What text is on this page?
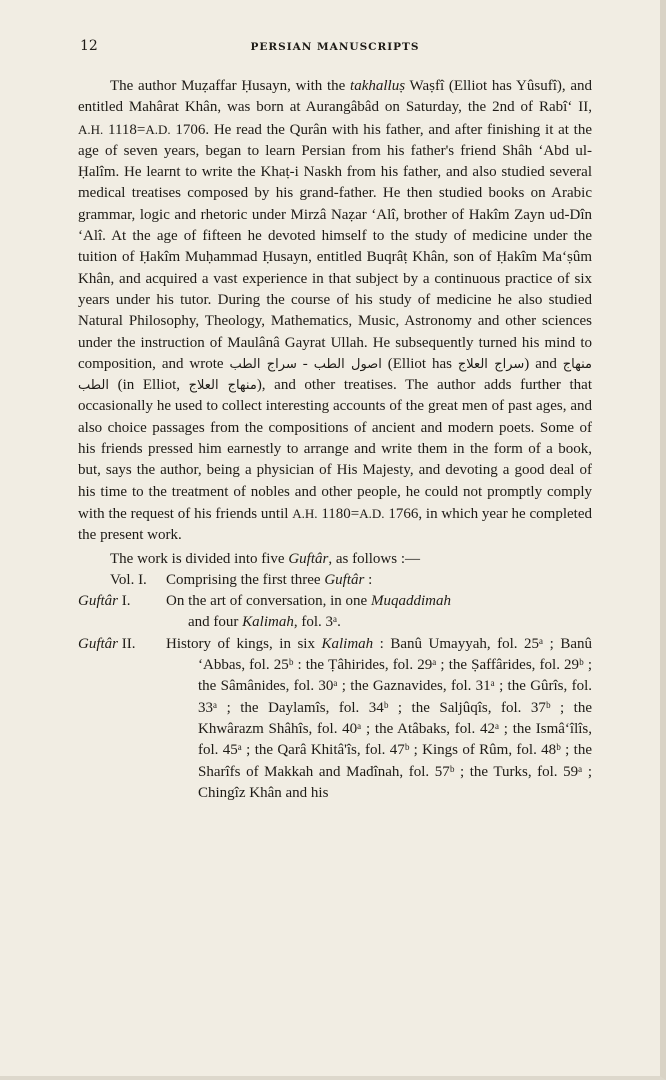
12	PERSIAN MANUSCRIPTS

The author Muẓaffar Ḥusayn, with the takhalluṣ Waṣfî (Elliot has Yûsufî), and entitled Mahârat Khân, was born at Aurangâbâd on Saturday, the 2nd of Rabî‘ II, A.H. 1118=A.D. 1706. He read the Qurân with his father, and after finishing it at the age of seven years, began to learn Persian from his father's friend Shâh ‘Abd ul-Ḥalîm. He learnt to write the Khaṭ-i Naskh from his father, and also studied several medical treatises composed by his grand-father. He then studied books on Arabic grammar, logic and rhetoric under Mirzâ Naẓar ‘Alî, brother of Hakîm Zayn ud-Dîn ‘Alî. At the age of fifteen he devoted himself to the study of medicine under the tuition of Ḥakîm Muḥammad Ḥusayn, entitled Buqrâṭ Khân, son of Ḥakîm Ma‘ṣûm Khân, and acquired a vast experience in that subject by a continuous practice of six years under his tutor. During the course of his study of medicine he also studied Natural Philosophy, Theology, Mathematics, Music, Astronomy and other sciences under the instruction of Maulânâ Gayrat Ullah. He subsequently turned his mind to composition, and wrote سراج الطب - اصول الطب (Elliot has سراج العلاج) and منهاج الطب (in Elliot, منهاج العلاج), and other treatises. The author adds further that occasionally he used to collect interesting accounts of the great men of past ages, and also choice passages from the compositions of ancient and modern poets. Some of his friends pressed him earnestly to arrange and write them in the form of a book, but, says the author, being a physician of His Majesty, and devoting a good deal of his time to the treatment of nobles and other people, he could not promptly comply with the request of his friends until A.H. 1180=A.D. 1766, in which year he completed the present work.

The work is divided into five Guftâr, as follows :—

Vol. I.	Comprising the first three Guftâr :
Guftâr I.	On the art of conversation, in one Muqaddimah
and four Kalimah, fol. 3ᵃ.
Guftâr II.	History of kings, in six Kalimah : Banû Umayyah, fol. 25ᵃ ; Banû ‘Abbas, fol. 25ᵇ : the Ṭâhirides, fol. 29ᵃ ; the Ṣaffârides, fol. 29ᵇ ; the Sâmânides, fol. 30ᵃ ; the Gaznavides, fol. 31ᵃ ; the Gûrîs, fol. 33ᵃ ; the Daylamîs, fol. 34ᵇ ; the Saljûqîs, fol. 37ᵇ ; the Khwârazm Shâhîs, fol. 40ᵃ ; the Atâbaks, fol. 42ᵃ ; the Ismâ‘îlîs, fol. 45ᵃ ; the Qarâ Khitâ'îs, fol. 47ᵇ ; Kings of Rûm, fol. 48ᵇ ; the Sharîfs of Makkah and Madînah, fol. 57ᵇ ; the Turks, fol. 59ᵃ ; Chingîz Khân and his
